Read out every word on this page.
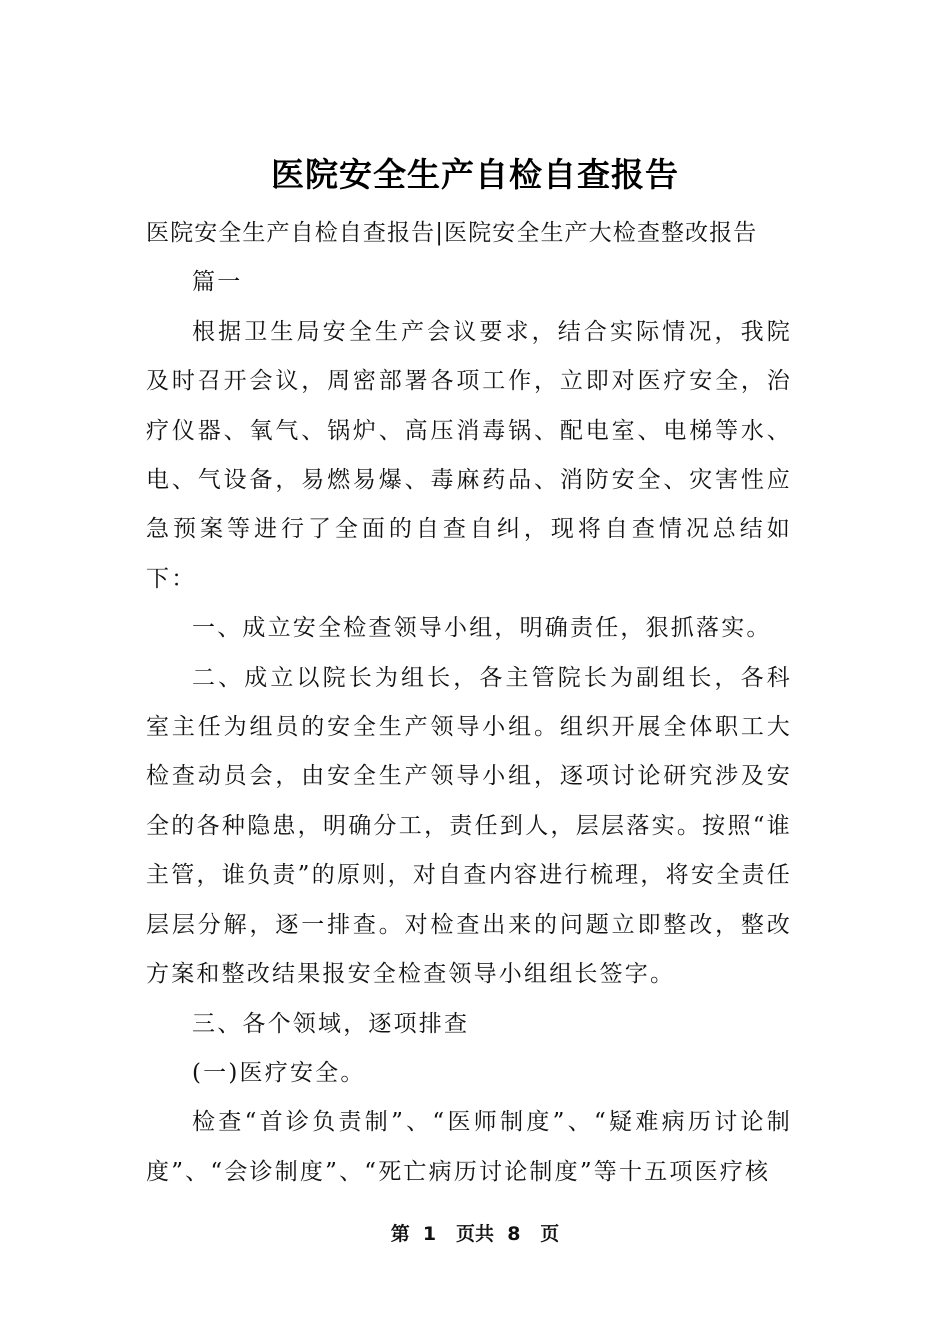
医院安全生产自检自查报告

医院安全生产自检自查报告|医院安全生产大检查整改报告

篇一

根据卫生局安全生产会议要求，结合实际情况，我院及时召开会议，周密部署各项工作，立即对医疗安全，治疗仪器、氧气、锅炉、高压消毒锅、配电室、电梯等水、电、气设备，易燃易爆、毒麻药品、消防安全、灾害性应急预案等进行了全面的自查自纠，现将自查情况总结如下：

一、成立安全检查领导小组，明确责任，狠抓落实。

二、成立以院长为组长，各主管院长为副组长，各科室主任为组员的安全生产领导小组。组织开展全体职工大检查动员会，由安全生产领导小组，逐项讨论研究涉及安全的各种隐患，明确分工，责任到人，层层落实。按照“谁主管，谁负责”的原则，对自查内容进行梳理，将安全责任层层分解，逐一排查。对检查出来的问题立即整改，整改方案和整改结果报安全检查领导小组组长签字。

三、各个领域，逐项排查

(一)医疗安全。

检查“首诊负责制”、“医师制度”、“疑难病历讨论制度”、“会诊制度”、“死亡病历讨论制度”等十五项医疗核

第  1   页共  8   页
